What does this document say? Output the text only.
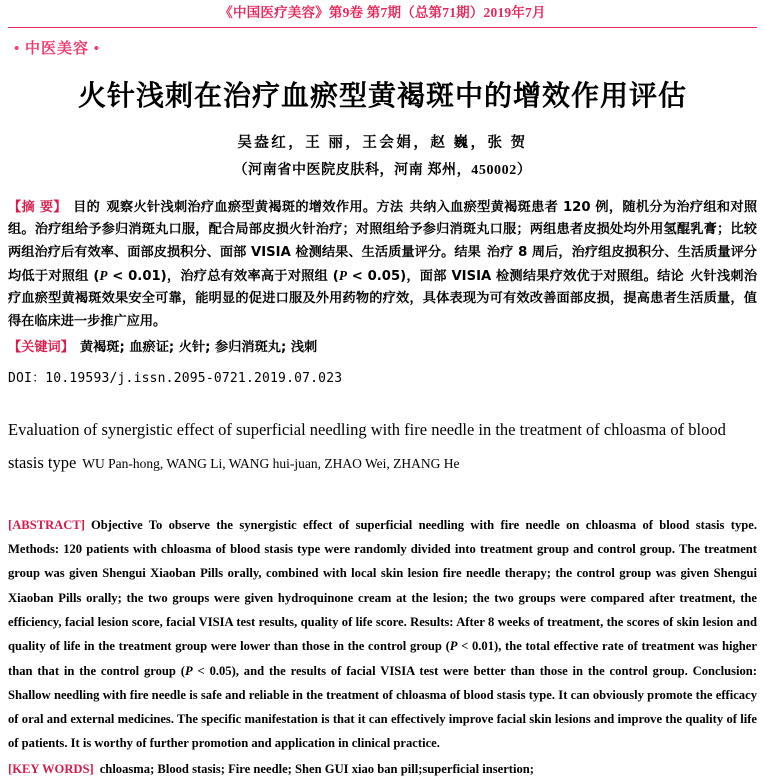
《中国医疗美容》第9卷 第7期（总第71期）2019年7月
• 中医美容 •
火针浅刺在治疗血瘀型黄褐斑中的增效作用评估
吴盎红，王 丽，王会娟，赵 巍，张 贺
（河南省中医院皮肤科，河南 郑州，450002）
【摘 要】 目的 观察火针浅刺治疗血瘀型黄褐斑的增效作用。方法 共纳入血瘀型黄褐斑患者 120 例，随机分为治疗组和对照组。治疗组给予参归消斑丸口服，配合局部皮损火针治疗；对照组给予参归消斑丸口服；两组患者皮损处均外用氢醌乳膏；比较两组治疗后有效率、面部皮损积分、面部 VISIA 检测结果、生活质量评分。结果 治疗 8 周后，治疗组皮损积分、生活质量评分均低于对照组 (P < 0.01)，治疗总有效率高于对照组 (P < 0.05)，面部 VISIA 检测结果疗效优于对照组。结论 火针浅刺治疗血瘀型黄褐斑效果安全可靠，能明显的促进口服及外用药物的疗效，具体表现为可有效改善面部皮损，提高患者生活质量，值得在临床进一步推广应用。
【关键词】 黄褐斑; 血瘀证; 火针; 参归消斑丸; 浅刺
DOI：10.19593/j.issn.2095-0721.2019.07.023
Evaluation of synergistic effect of superficial needling with fire needle in the treatment of chloasma of blood stasis type WU Pan-hong, WANG Li, WANG hui-juan, ZHAO Wei, ZHANG He
[ABSTRACT] Objective To observe the synergistic effect of superficial needling with fire needle on chloasma of blood stasis type. Methods: 120 patients with chloasma of blood stasis type were randomly divided into treatment group and control group. The treatment group was given Shengui Xiaoban Pills orally, combined with local skin lesion fire needle therapy; the control group was given Shengui Xiaoban Pills orally; the two groups were given hydroquinone cream at the lesion; the two groups were compared after treatment, the efficiency, facial lesion score, facial VISIA test results, quality of life score. Results: After 8 weeks of treatment, the scores of skin lesion and quality of life in the treatment group were lower than those in the control group (P < 0.01), the total effective rate of treatment was higher than that in the control group (P < 0.05), and the results of facial VISIA test were better than those in the control group. Conclusion: Shallow needling with fire needle is safe and reliable in the treatment of chloasma of blood stasis type. It can obviously promote the efficacy of oral and external medicines. The specific manifestation is that it can effectively improve facial skin lesions and improve the quality of life of patients. It is worthy of further promotion and application in clinical practice.
[KEY WORDS] chloasma; Blood stasis; Fire needle; Shen GUI xiao ban pill;superficial insertion;
